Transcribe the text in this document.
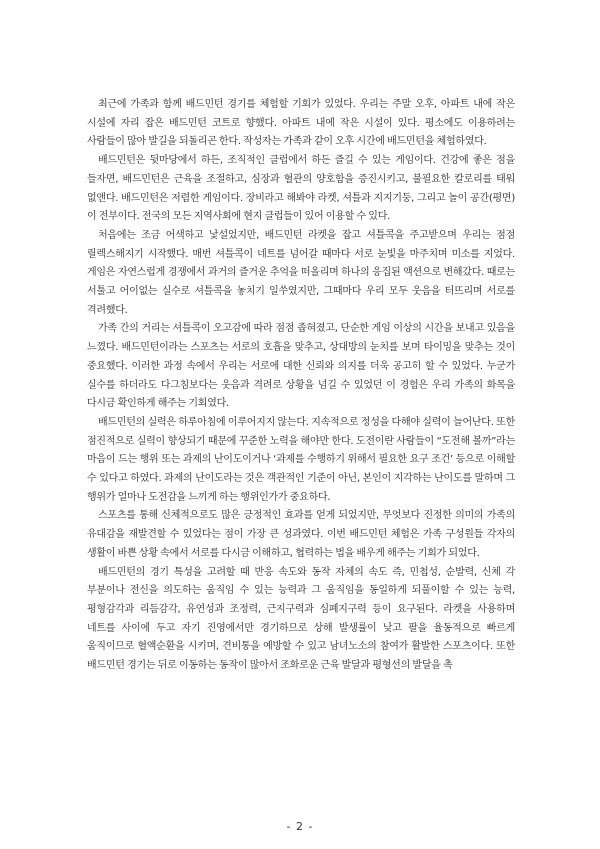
최근에 가족과 함께 배드민턴 경기를 체험할 기회가 있었다. 우리는 주말 오후, 아파트 내에 작은 시설에 자리 잡은 배드민턴 코트로 향했다. 아파트 내에 작은 시설이 있다. 평소에도 이용하려는 사람들이 많아 발길을 되돌리곤 한다. 작성자는 가족과 같이 오후 시간에 배드민턴을 체험하였다.

배드민턴은 뒷마당에서 하든, 조직적인 클럽에서 하든 즐길 수 있는 게임이다. 건강에 좋은 점을 들자면, 배드민턴은 근육을 조절하고, 심장과 혈관의 양호함을 증진시키고, 불필요한 칼로리를 태워 없앤다. 배드민턴은 저렴한 게임이다. 장비라고 해봐야 라켓, 셔틀과 지지기둥, 그리고 놀이 공간(평면)이 전부이다. 전국의 모든 지역사회에 현지 클럽들이 있어 이용할 수 있다.

처음에는 조금 어색하고 낯설었지만, 배드민턴 라켓을 잡고 셔틀콕을 주고받으며 우리는 점점 릴렉스해지기 시작했다. 매번 셔틀콕이 네트를 넘어갈 때마다 서로 눈빛을 마주치며 미소를 지었다. 게임은 자연스럽게 경쟁에서 과거의 즐거운 추억을 떠올리며 하나의 응집된 액션으로 변해갔다. 때로는 서툴고 어이없는 실수로 셔틀콕을 놓치기 일쑤였지만, 그때마다 우리 모두 웃음을 터뜨리며 서로를 격려했다.

가족 간의 거리는 셔틀콕이 오고감에 따라 점점 좁혀졌고, 단순한 게임 이상의 시간을 보내고 있음을 느꼈다. 배드민턴이라는 스포츠는 서로의 호흡을 맞추고, 상대방의 눈치를 보며 타이밍을 맞추는 것이 중요했다. 이러한 과정 속에서 우리는 서로에 대한 신뢰와 의지를 더욱 공고히 할 수 있었다. 누군가 실수를 하더라도 다그침보다는 웃음과 격려로 상황을 넘길 수 있었던 이 경험은 우리 가족의 화목을 다시금 확인하게 해주는 기회였다.

배드민턴의 실력은 하루아침에 이루어지지 않는다. 지속적으로 정성을 다해야 실력이 늘어난다. 또한 점진적으로 실력이 향상되기 때문에 꾸준한 노력을 해야만 한다. 도전이란 사람들이 “도전해 볼까”라는 마음이 드는 행위 또는 과제의 난이도이거나 ‘과제를 수행하기 위해서 필요한 요구 조건’ 등으로 이해할 수 있다고 하였다. 과제의 난이도라는 것은 객관적인 기준이 아닌, 본인이 지각하는 난이도를 말하며 그 행위가 얼마나 도전감을 느끼게 하는 행위인가가 중요하다.

스포츠를 통해 신체적으로도 많은 긍정적인 효과를 얻게 되었지만, 무엇보다 진정한 의미의 가족의 유대감을 재발견할 수 있었다는 점이 가장 큰 성과였다. 이번 배드민턴 체험은 가족 구성원들 각자의 생활이 바쁜 상황 속에서 서로를 다시금 이해하고, 협력하는 법을 배우게 해주는 기회가 되었다.

배드민턴의 경기 특성을 고려할 때 반응 속도와 동작 자체의 속도 즉, 민첩성, 순발력, 신체 각 부분이나 전신을 의도하는 움직임 수 있는 능력과 그 움직임을 동일하게 되풀이할 수 있는 능력, 평형감각과 리듬감각, 유연성과 조정력, 근지구력과 심폐지구력 등이 요구된다. 라켓을 사용하며 네트를 사이에 두고 자기 진영에서만 경기하므로 상해 발생률이 낮고 팔을 율동적으로 빠르게 움직이므로 혈액순환을 시키며, 견비통을 예방할 수 있고 남녀노소의 참여가 활발한 스포츠이다. 또한 배드민턴 경기는 뒤로 이동하는 동작이 많아서 조화로운 근육 발달과 평형선의 발달을 촉

- 2 -
